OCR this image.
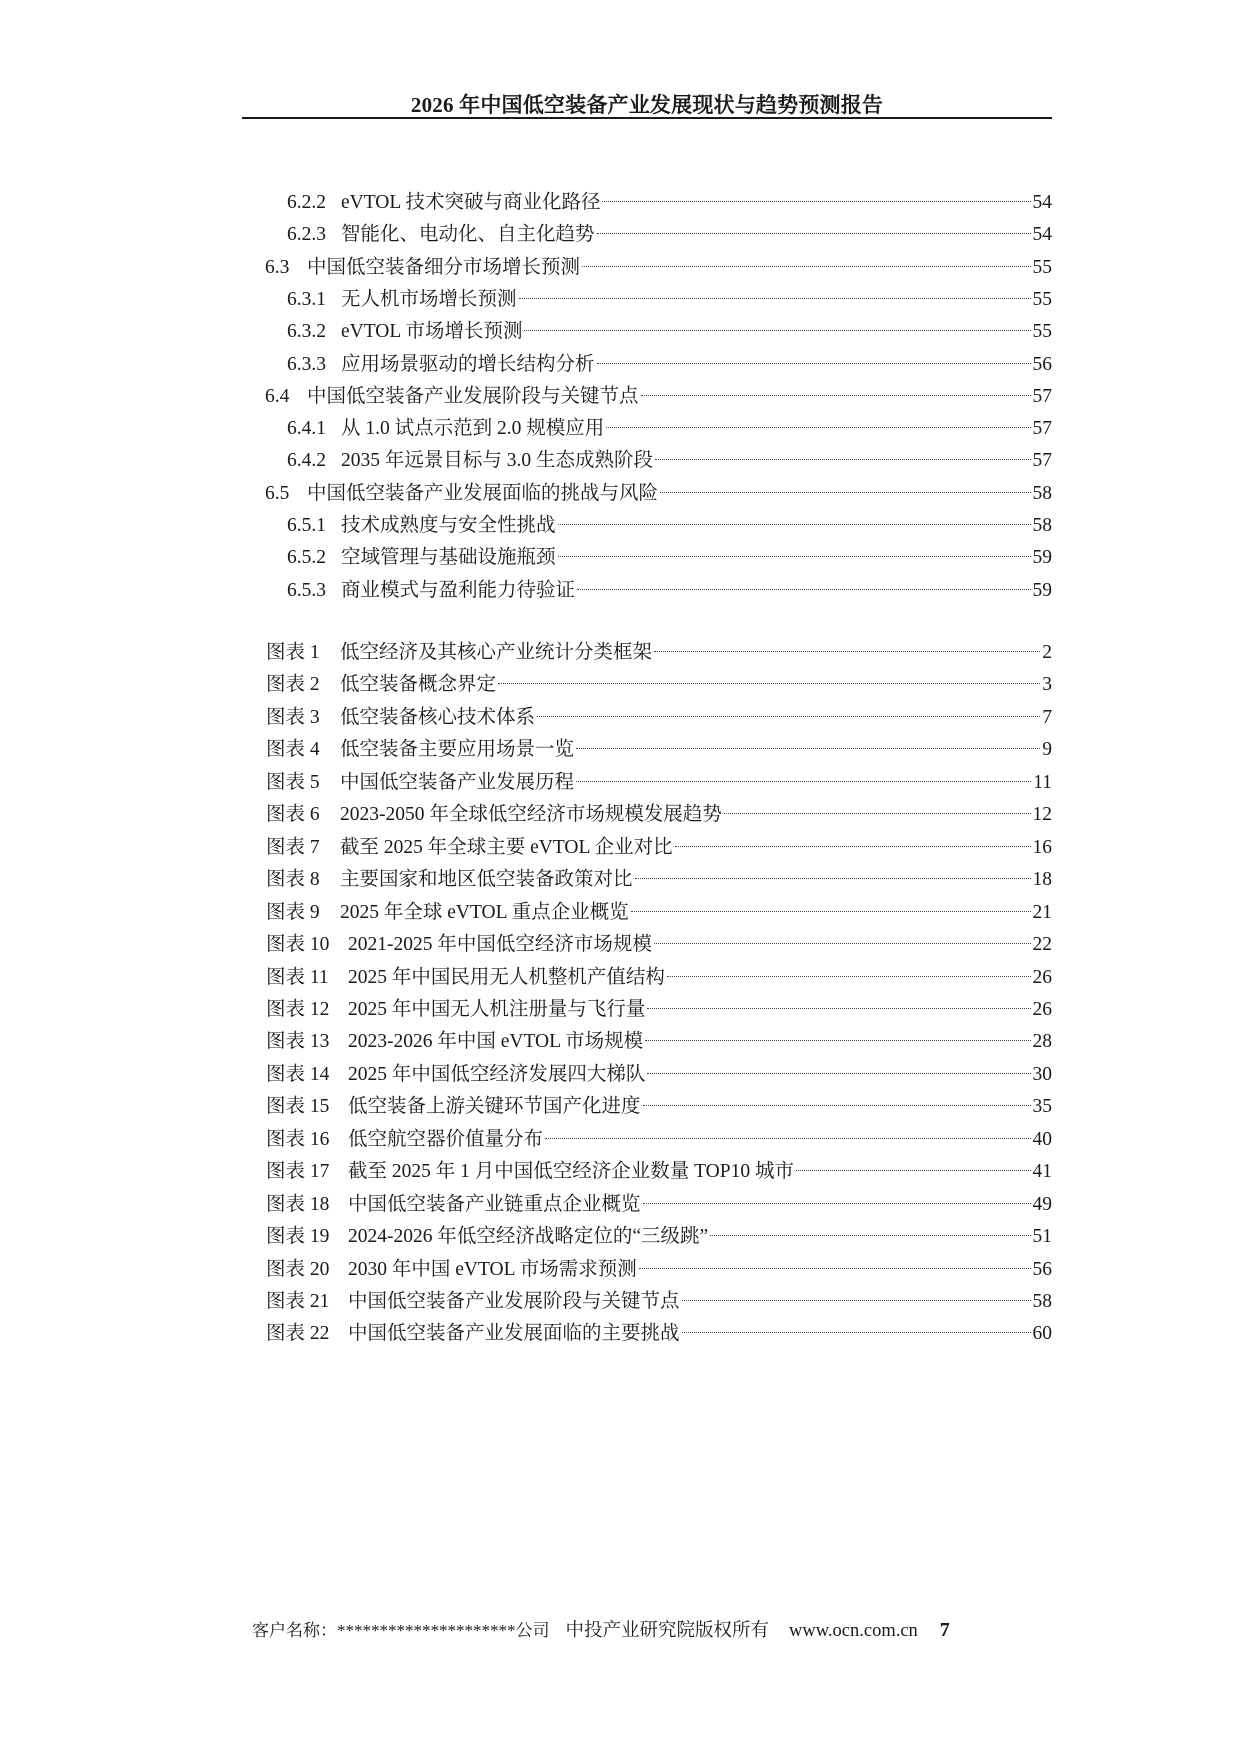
2026 年中国低空装备产业发展现状与趋势预测报告
6.2.2 eVTOL 技术突破与商业化路径	54
6.2.3 智能化、电动化、自主化趋势	54
6.3 中国低空装备细分市场增长预测	55
6.3.1 无人机市场增长预测	55
6.3.2 eVTOL 市场增长预测	55
6.3.3 应用场景驱动的增长结构分析	56
6.4 中国低空装备产业发展阶段与关键节点	57
6.4.1 从 1.0 试点示范到 2.0 规模应用	57
6.4.2 2035 年远景目标与 3.0 生态成熟阶段	57
6.5 中国低空装备产业发展面临的挑战与风险	58
6.5.1 技术成熟度与安全性挑战	58
6.5.2 空域管理与基础设施瓶颈	59
6.5.3 商业模式与盈利能力待验证	59
图表 1	低空经济及其核心产业统计分类框架	2
图表 2	低空装备概念界定	3
图表 3	低空装备核心技术体系	7
图表 4	低空装备主要应用场景一览	9
图表 5	中国低空装备产业发展历程	11
图表 6	2023-2050 年全球低空经济市场规模发展趋势	12
图表 7	截至 2025 年全球主要 eVTOL 企业对比	16
图表 8	主要国家和地区低空装备政策对比	18
图表 9	2025 年全球 eVTOL 重点企业概览	21
图表 10 2021-2025 年中国低空经济市场规模	22
图表 11 2025 年中国民用无人机整机产值结构	26
图表 12 2025 年中国无人机注册量与飞行量	26
图表 13 2023-2026 年中国 eVTOL 市场规模	28
图表 14 2025 年中国低空经济发展四大梯队	30
图表 15 低空装备上游关键环节国产化进度	35
图表 16 低空航空器价值量分布	40
图表 17 截至 2025 年 1 月中国低空经济企业数量 TOP10 城市	41
图表 18 中国低空装备产业链重点企业概览	49
图表 19 2024-2026 年低空经济战略定位的“三级跳”	51
图表 20 2030 年中国 eVTOL 市场需求预测	56
图表 21 中国低空装备产业发展阶段与关键节点	58
图表 22 中国低空装备产业发展面临的主要挑战	60
客户名称：*********************公司 中投产业研究院版权所有 www.ocn.com.cn 7
